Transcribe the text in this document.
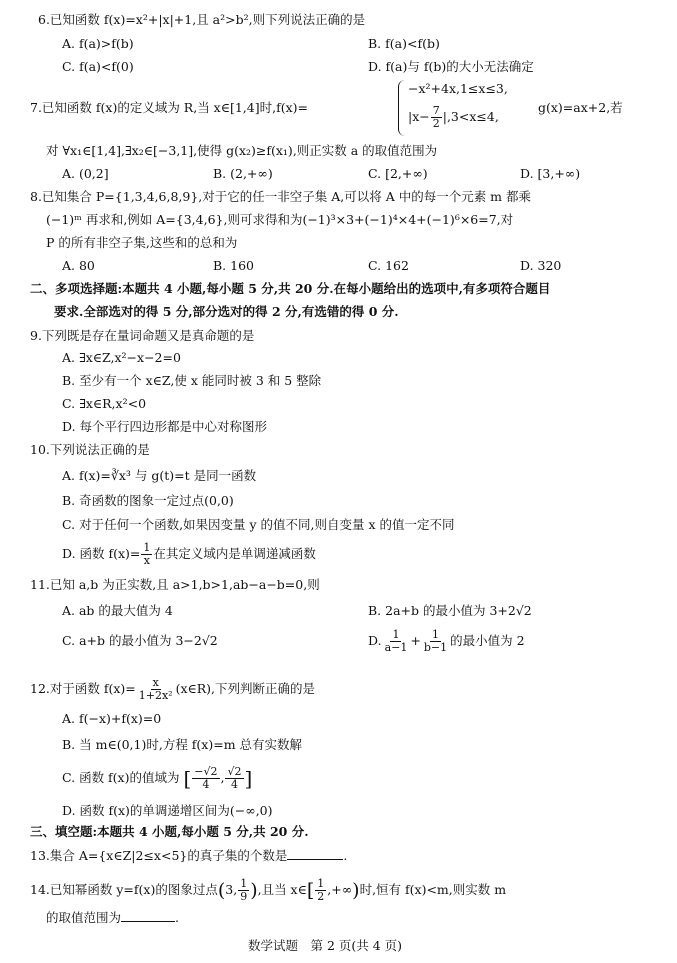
6.已知函数 f(x)=x²+|x|+1,且 a²>b²,则下列说法正确的是
A. f(a)>f(b)	B. f(a)<f(b)
C. f(a)<f(0)	D. f(a)与 f(b)的大小无法确定
7.已知函数 f(x)的定义域为 R,当 x∈[1,4]时,f(x)=
−x²+4x,1≤x≤3,
$|x- \frac{7}{2} |,3<x\le 4$,
g(x)=ax+2,若
对 ∀x₁∈[1,4],∃x₂∈[−3,1],使得 g(x₂)≥f(x₁),则正实数 a 的取值范围为
A. (0,2]	B. (2,+∞)	C. [2,+∞)	D. [3,+∞)
8.已知集合 P={1,3,4,6,8,9},对于它的任一非空子集 A,可以将 A 中的每一个元素 m 都乘
(−1)ᵐ 再求和,例如 A={3,4,6},则可求得和为(−1)³×3+(−1)⁴×4+(−1)⁶×6=7,对
P 的所有非空子集,这些和的总和为
A. 80	B. 160	C. 162	D. 320
二、多项选择题:本题共 4 小题,每小题 5 分,共 20 分.在每小题给出的选项中,有多项符合题目
要求.全部选对的得 5 分,部分选对的得 2 分,有选错的得 0 分.
9.下列既是存在量词命题又是真命题的是
A. ∃x∈Z,x²−x−2=0
B. 至少有一个 x∈Z,使 x 能同时被 3 和 5 整除
C. ∃x∈R,x²<0
D. 每个平行四边形都是中心对称图形
10.下列说法正确的是
A. f(x)=∛x³ 与 g(t)=t 是同一函数
B. 奇函数的图象一定过点(0,0)
C. 对于任何一个函数,如果因变量 y 的值不同,则自变量 x 的值一定不同
D. 函数 $f(x)= \frac{1}{x}$ 在其定义域内是单调递减函数
11.已知 a,b 为正实数,且 a>1,b>1,ab−a−b=0,则
A. ab 的最大值为 4	B. 2a+b 的最小值为 3+2√2
C. a+b 的最小值为 3−2√2	D. $\frac{1}{a-1} + \frac{1}{b-1}$ 的最小值为 2
12.对于函数 $f(x)= \frac{x}{\text{1+2x²}}$ (x∈R),下列判断正确的是
A. f(−x)+f(x)=0
B. 当 m∈(0,1)时,方程 f(x)=m 总有实数解
C. 函数 f(x)的值域为 [ $\frac{-√2}{4}$ , $\frac{√2}{4}$ ]
D. 函数 f(x)的单调递增区间为(−∞,0)
三、填空题:本题共 4 小题,每小题 5 分,共 20 分.
13.集合 A={x∈Z|2≤x<5}的真子集的个数是	.
14.已知幂函数 y=f(x)的图象过点(3, $\frac{1}{9}$ ),且当 x∈[ $\frac{1}{2}$ ,+∞)时,恒有 f(x)<m,则实数 m
的取值范围为	.
数学试题　第 2 页(共 4 页)
